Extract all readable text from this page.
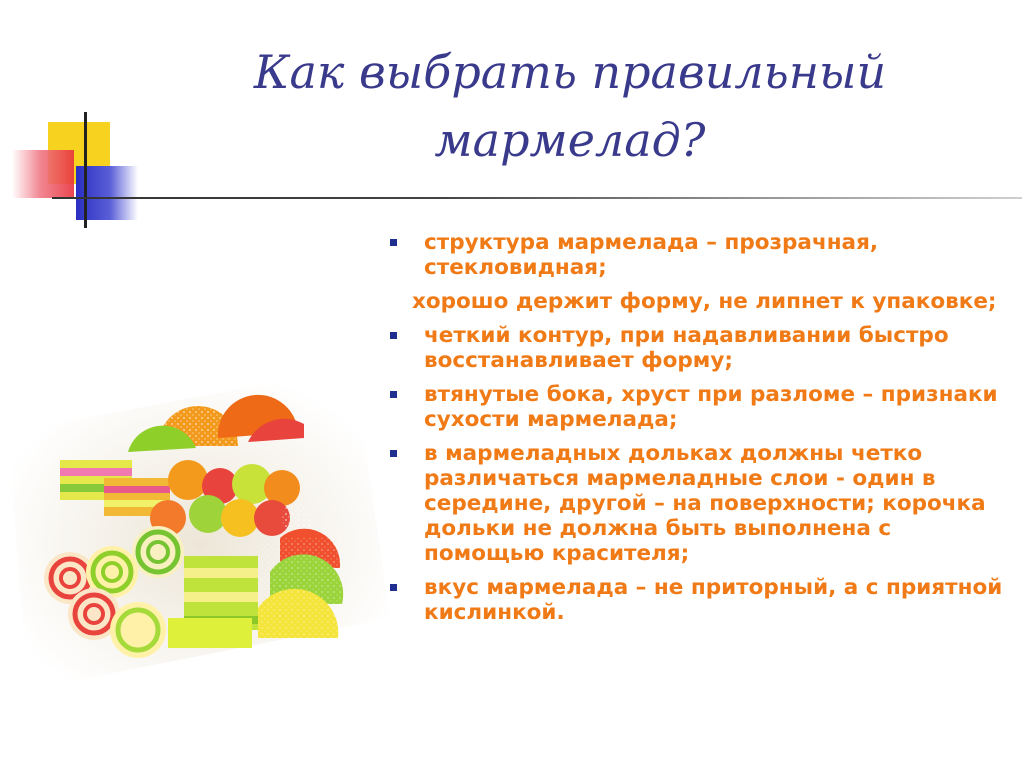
Как выбрать правильный
мармелад?
структура мармелада – прозрачная, стекловидная;
хорошо держит форму, не липнет к упаковке;
четкий контур, при надавливании быстро восстанавливает форму;
втянутые бока, хруст при разломе – признаки сухости мармелада;
в мармеладных дольках должны четко различаться мармеладные слои - один в середине, другой – на поверхности; корочка дольки не должна быть выполнена с помощью красителя;
вкус мармелада – не приторный, а с приятной кислинкой.
